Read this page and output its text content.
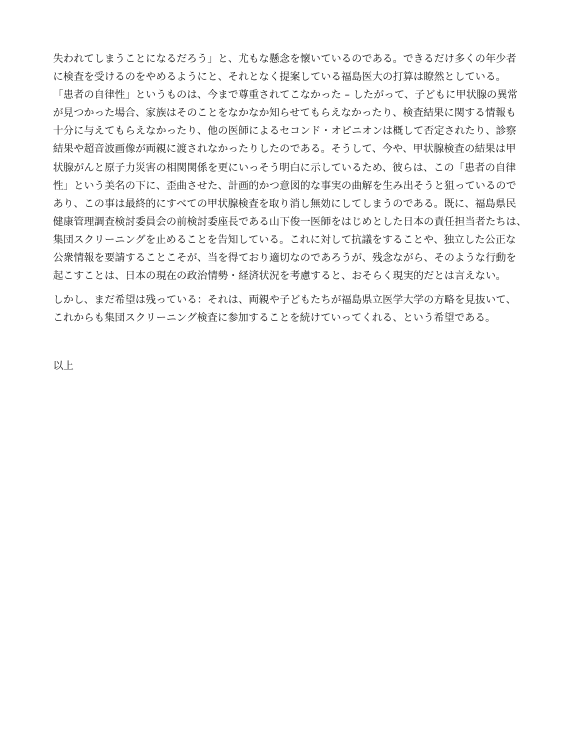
失われてしまうことになるだろう」と、尤もな懸念を懐いているのである。できるだけ多くの年少者
に検査を受けるのをやめるようにと、それとなく提案している福島医大の打算は瞭然としている。
「患者の自律性」というものは、今まで尊重されてこなかった – したがって、子どもに甲状腺の異常
が見つかった場合、家族はそのことをなかなか知らせてもらえなかったり、検査結果に関する情報も
十分に与えてもらえなかったり、他の医師によるセコンド・オピニオンは概して否定されたり、診察
結果や超音波画像が両親に渡されなかったりしたのである。そうして、今や、甲状腺検査の結果は甲
状腺がんと原子力災害の相関関係を更にいっそう明白に示しているため、彼らは、この「患者の自律
性」という美名の下に、歪曲させた、計画的かつ意図的な事実の曲解を生み出そうと狙っているので
あり、この事は最終的にすべての甲状腺検査を取り消し無効にしてしまうのである。既に、福島県民
健康管理調査検討委員会の前検討委座長である山下俊一医師をはじめとした日本の責任担当者たちは、
集団スクリーニングを止めることを告知している。これに対して抗議をすることや、独立した公正な
公衆情報を要請することこそが、当を得ており適切なのであろうが、残念ながら、そのような行動を
起こすことは、日本の現在の政治情勢・経済状況を考慮すると、おそらく現実的だとは言えない。

しかし、まだ希望は残っている：それは、両親や子どもたちが福島県立医学大学の方略を見抜いて、
これからも集団スクリーニング検査に参加することを続けていってくれる、という希望である。

以上
